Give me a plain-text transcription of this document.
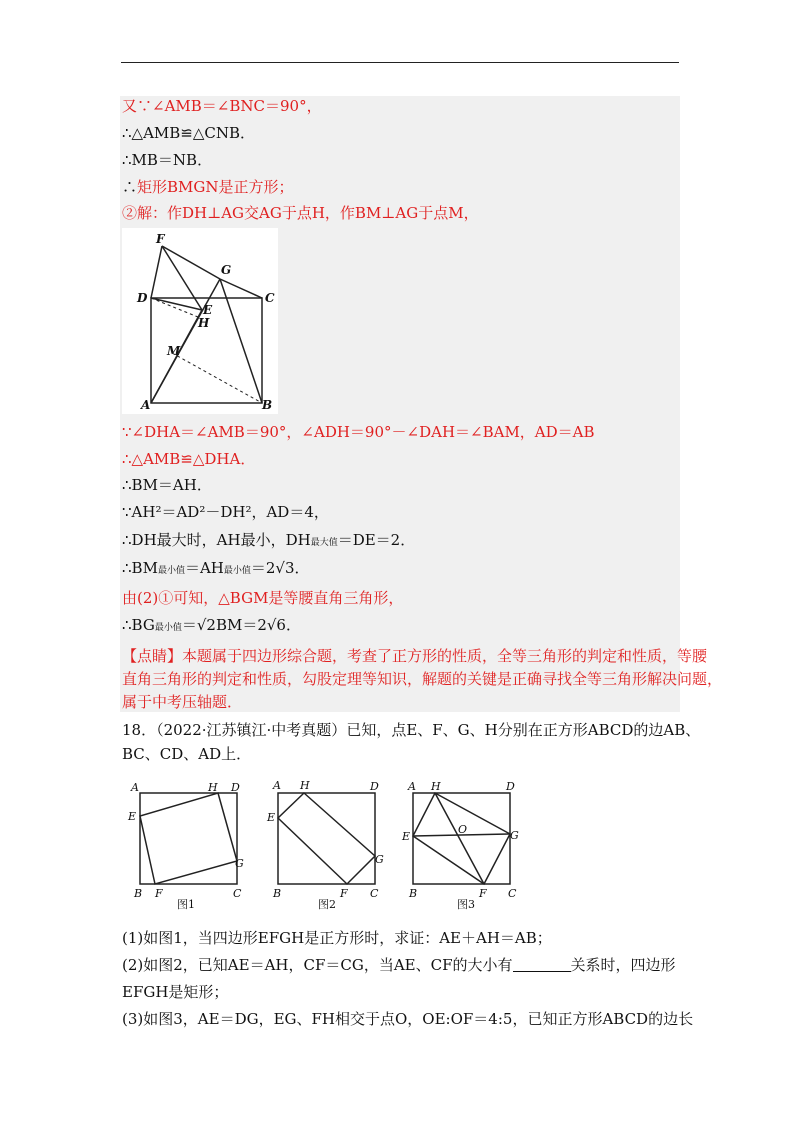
又∵∠AMB＝∠BNC＝90°，
∴△AMB≌△CNB．
∴MB＝NB．
∴矩形BMGN是正方形；
②解：作DH⊥AG交AG于点H，作BM⊥AG于点M，
F
G
D	C
E
H
M
A	B
∵∠DHA＝∠AMB＝90°，∠ADH＝90°－∠DAH＝∠BAM，AD＝AB
∴△AMB≌△DHA．
∴BM＝AH．
∵AH²＝AD²－DH²，AD＝4，
∴DH最大时，AH最小，DH最大值＝DE＝2．
∴BM最小值＝AH最小值＝2√3．
由(2)①可知，△BGM是等腰直角三角形，
∴BG最小值＝√2BM＝2√6．
【点睛】本题属于四边形综合题，考查了正方形的性质，全等三角形的判定和性质，等腰
直角三角形的判定和性质，勾股定理等知识，解题的关键是正确寻找全等三角形解决问题，
属于中考压轴题．
18．（2022·江苏镇江·中考真题）已知，点E、F、G、H分别在正方形ABCD的边AB、
BC、CD、AD上．
A	H D
E
G
B F	C
A H	D
E
G
B	F C
A H	D
E
O	G
B	F C
图1	图2	图3
(1)如图1，当四边形EFGH是正方形时，求证：AE＋AH＝AB；
(2)如图2，已知AE＝AH，CF＝CG，当AE、CF的大小有	关系时，四边形
EFGH是矩形；
(3)如图3，AE＝DG，EG、FH相交于点O，OE:OF＝4:5，已知正方形ABCD的边长
